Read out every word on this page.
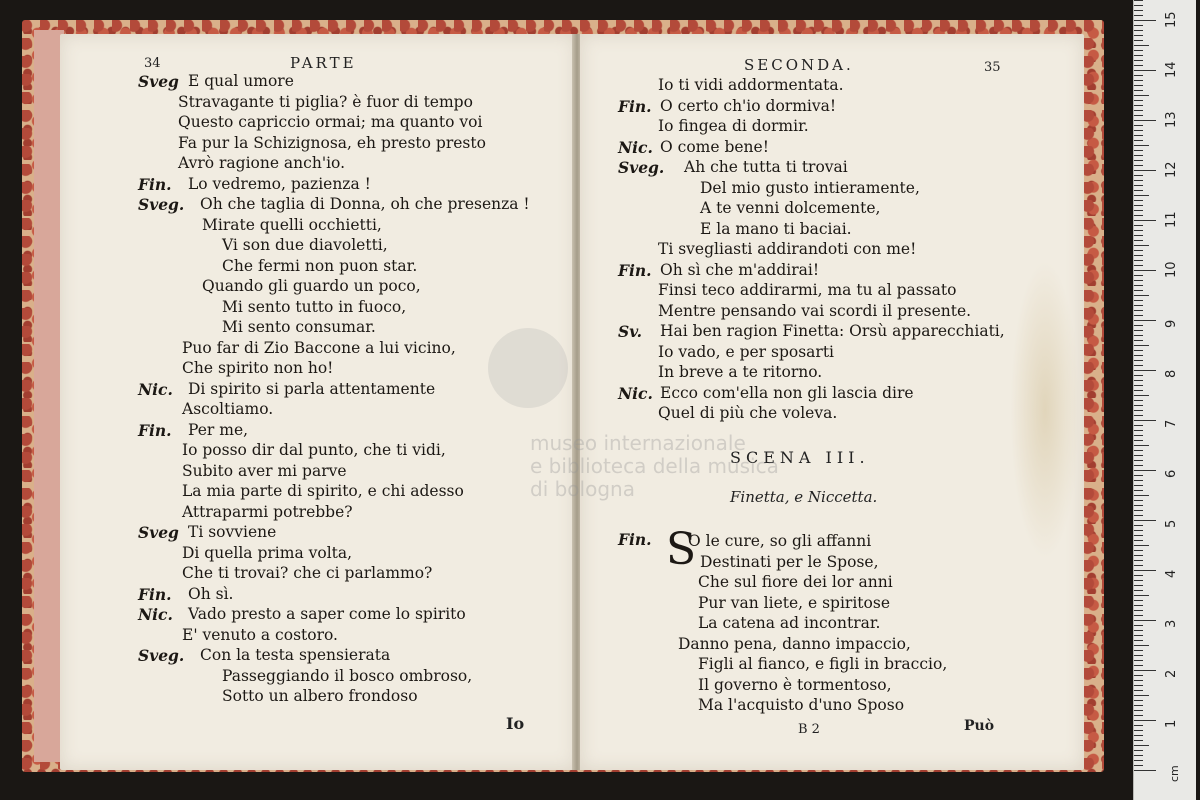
34	PARTE
Sveg E qual umore
Stravagante ti piglia? è fuor di tempo
Questo capriccio ormai; ma quanto voi
Fa pur la Schizignosa, eh presto presto
Avrò ragione anch'io.
Fin. Lo vedremo, pazienza !
Sveg. Oh che taglia di Donna, oh che presenza !
Mirate quelli occhietti,
Vi son due diavoletti,
Che fermi non puon star.
Quando gli guardo un poco,
Mi sento tutto in fuoco,
Mi sento consumar.
Puo far di Zio Baccone a lui vicino,
Che spirito non ho!
Nic. Di spirito si parla attentamente
Ascoltiamo.
Fin. Per me,
Io posso dir dal punto, che ti vidi,
Subito aver mi parve
La mia parte di spirito, e chi adesso
Attraparmi potrebbe?
Sveg Ti sovviene
Di quella prima volta,
Che ti trovai? che ci parlammo?
Fin. Oh sì.
Nic. Vado presto a saper come lo spirito
E' venuto a costoro.
Sveg. Con la testa spensierata
Passeggiando il bosco ombroso,
Sotto un albero frondoso
Io
SECONDA.	35
Io ti vidi addormentata.
Fin. O certo ch'io dormiva!
Io fingea di dormir.
Nic. O come bene!
Sveg. Ah che tutta ti trovai
Del mio gusto intieramente,
A te venni dolcemente,
E la mano ti baciai.
Ti svegliasti addirandoti con me!
Fin. Oh sì che m'addirai!
Finsi teco addirarmi, ma tu al passato
Mentre pensando vai scordi il presente.
Sv. Hai ben ragion Finetta: Orsù apparecchiati,
Io vado, e per sposarti
In breve a te ritorno.
Nic. Ecco com'ella non gli lascia dire
Quel di più che voleva.
SCENA III.
Finetta, e Niccetta.
Fin. S
O le cure, so gli affanni
Destinati per le Spose,
Che sul fiore dei lor anni
Pur van liete, e spiritose
La catena ad incontrar.
Danno pena, danno impaccio,
Figli al fianco, e figli in braccio,
Il governo è tormentoso,
Ma l'acquisto d'uno Sposo
B 2	Può
museo internazionale
e biblioteca della musica
di bologna
1
2
3
4
5
6
7
8
9
10
11
12
13
14
15
cm
